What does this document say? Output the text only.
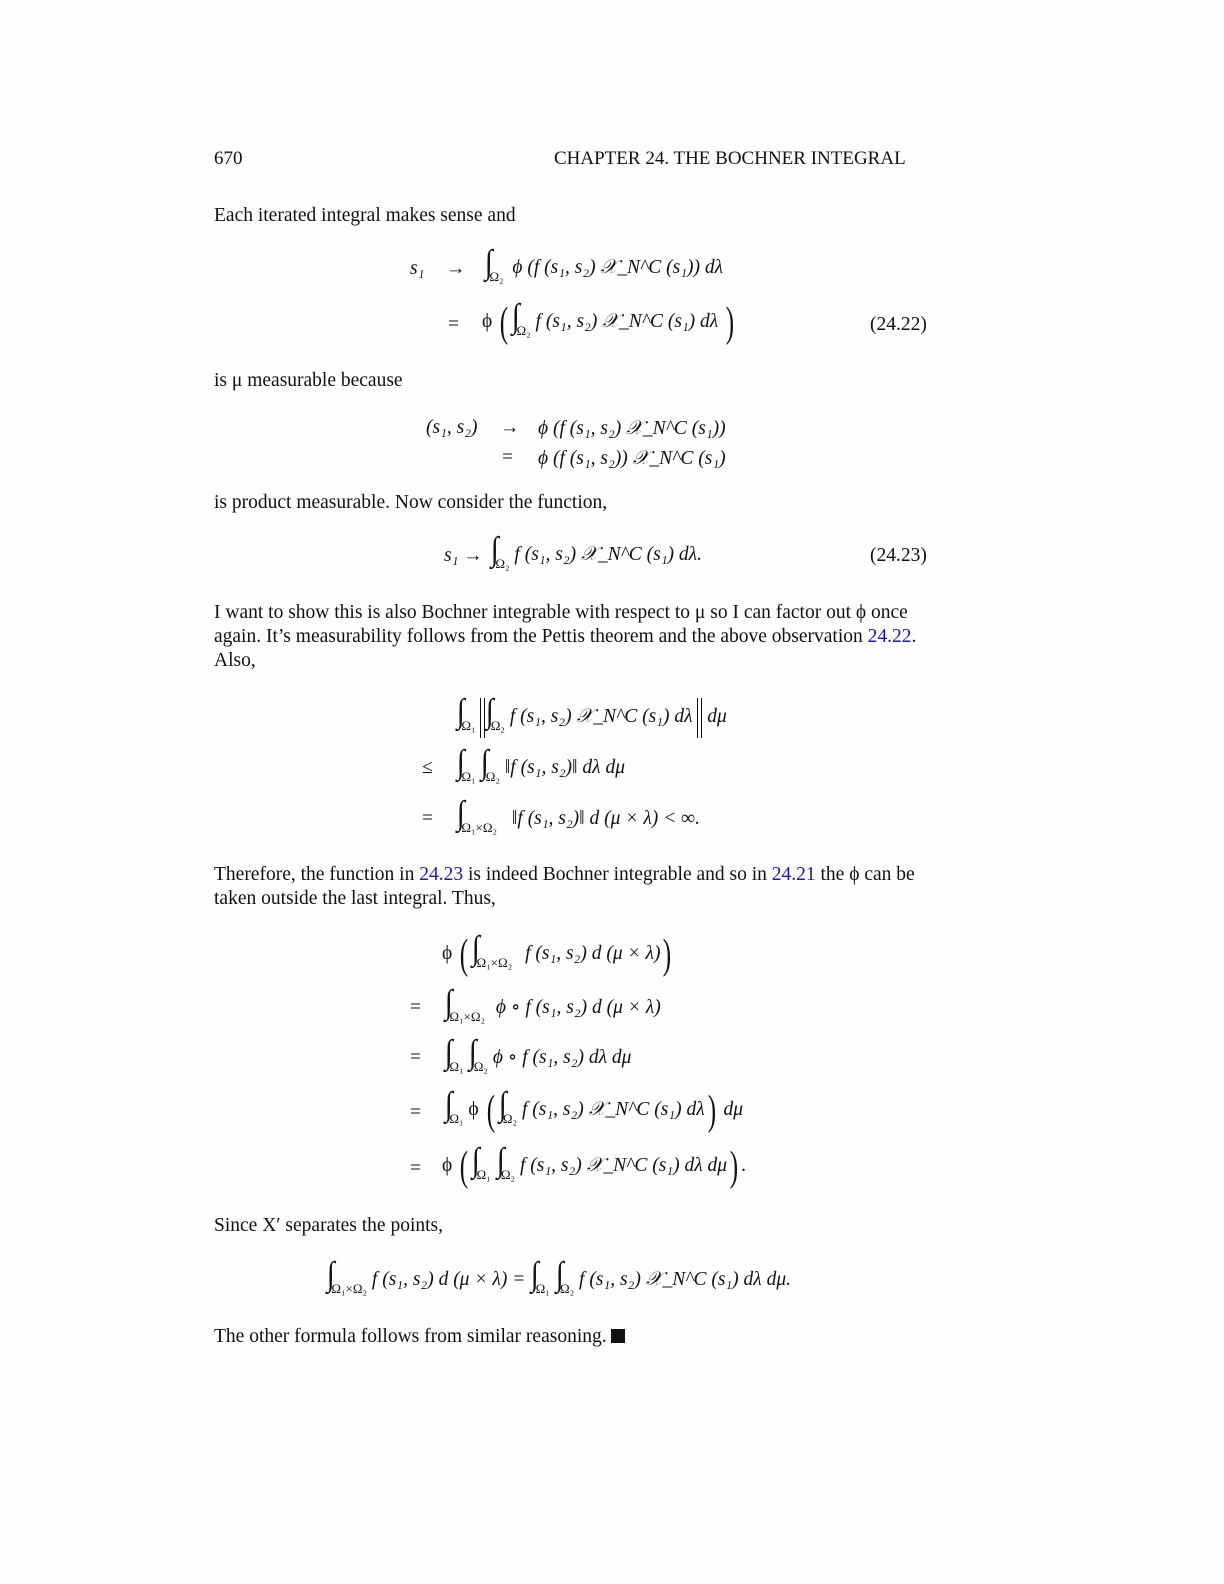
670	CHAPTER 24. THE BOCHNER INTEGRAL
Each iterated integral makes sense and
$s_1 \to \int_{\Omega_2}$ ϕ (f (s₁, s₂) 𝒳_N^C (s₁)) dλ
= ϕ ( $\int_{\Omega_2}$ f (s₁, s₂) 𝒳_N^C (s₁) dλ )	(24.22)
is μ measurable because
(s₁, s₂) → ϕ (f (s₁, s₂) 𝒳_N^C (s₁))
= ϕ (f (s₁, s₂)) 𝒳_N^C (s₁)
is product measurable. Now consider the function,
$s_1 \to \int_{\Omega_2}$ f (s₁, s₂) 𝒳_N^C (s₁) dλ.	(24.23)
I want to show this is also Bochner integrable with respect to μ so I can factor out ϕ once
again. It’s measurability follows from the Pettis theorem and the above observation 24.22.
Also,
$\int_{\Omega_1}$ $\int_{\Omega_2}$ f (s₁, s₂) 𝒳_N^C (s₁) dλ dμ
≤ $\int_{\Omega_1}$ $\int_{\Omega_2}$ ‖f (s₁, s₂)‖ dλ dμ
= $\int_{\Omega_1\times\Omega_2}$ ‖f (s₁, s₂)‖ d (μ × λ) < ∞.
Therefore, the function in 24.23 is indeed Bochner integrable and so in 24.21 the ϕ can be
taken outside the last integral. Thus,
ϕ ( $\int_{\Omega_1\times\Omega_2}$ f (s₁, s₂) d (μ × λ))
= $\int_{\Omega_1\times\Omega_2}$ ϕ ∘ f (s₁, s₂) d (μ × λ)
= $\int_{\Omega_1}$ $\int_{\Omega_2}$ ϕ ∘ f (s₁, s₂) dλ dμ
= $\int_{\Omega_1}$ ϕ ( $\int_{\Omega_2}$ f (s₁, s₂) 𝒳_N^C (s₁) dλ) dμ
= ϕ ( $\int_{\Omega_1}$ $\int_{\Omega_2}$ f (s₁, s₂) 𝒳_N^C (s₁) dλ dμ) .
Since X′ separates the points,
$\int_{\Omega_1\times\Omega_2}$ f (s₁, s₂) d $(\mu \times \lambda) = \int_{\Omega_1}$ $\int_{\Omega_2}$ f (s₁, s₂) 𝒳_N^C (s₁) dλ dμ.
The other formula follows from similar reasoning.
